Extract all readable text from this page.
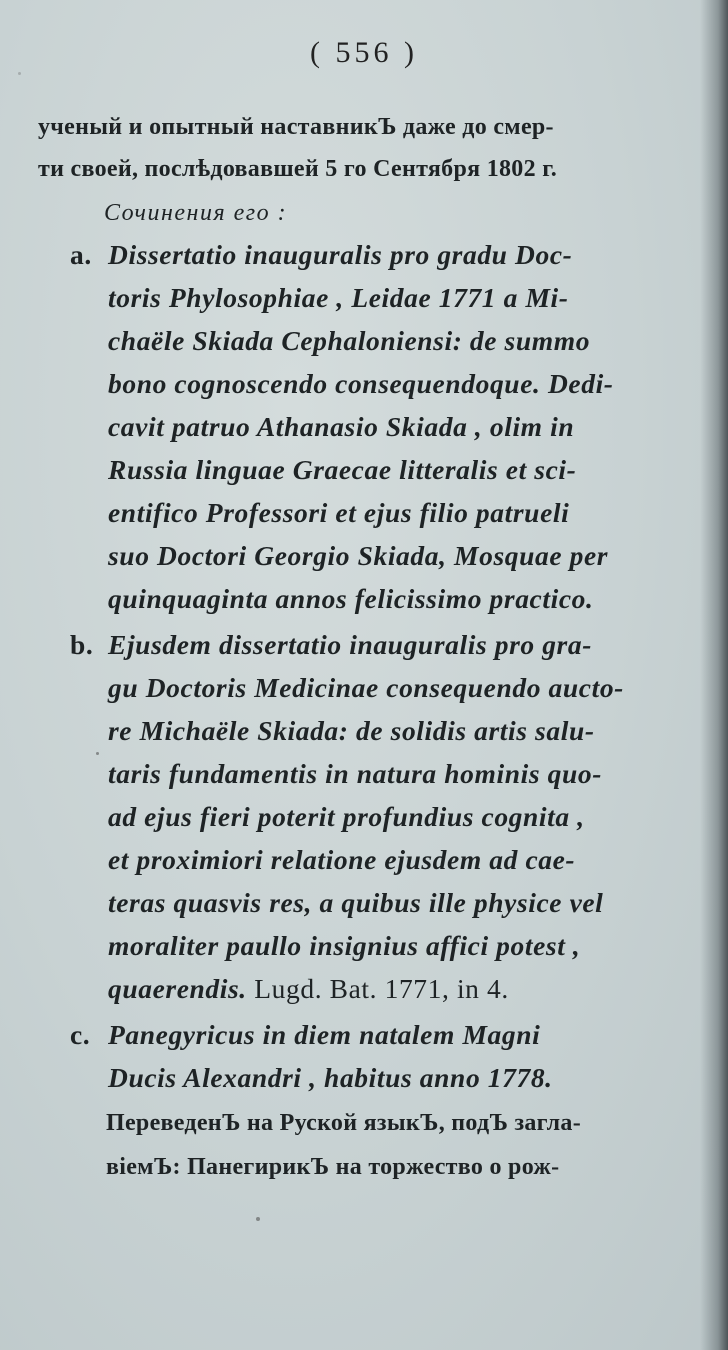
( 556 )
ученый и опытный наставникЪ даже до смер-
ти своей, послѣдовавшей 5 го Сентября 1802 г.
Сочинения его :
a. Dissertatio inauguralis pro gradu Doc-
toris Phylosophiae , Leidae 1771 a Mi-
chaële Skiada Cephaloniensi: de summo
bono cognoscendo consequendoque. Dedi-
cavit patruo Athanasio Skiada , olim in
Russia linguae Graecae litteralis et sci-
entifico Professori et ejus filio patrueli
suo Doctori Georgio Skiada, Mosquae per
quinquaginta annos felicissimo practico.
b. Ejusdem dissertatio inauguralis pro gra-
gu Doctoris Medicinae consequendo aucto-
re Michaële Skiada: de solidis artis salu-
taris fundamentis in natura hominis quo-
ad ejus fieri poterit profundius cognita ,
et proximiori relatione ejusdem ad cae-
teras quasvis res, a quibus ille physice vel
moraliter paullo insignius affici potest ,
quaerendis. Lugd. Bat. 1771, in 4.
c. Panegyricus in diem natalem Magni
Ducis Alexandri , habitus anno 1778.
ПереведенЪ на Руской языкЪ, подЪ загла-
віемЪ: ПанегирикЪ на торжество о рож-
